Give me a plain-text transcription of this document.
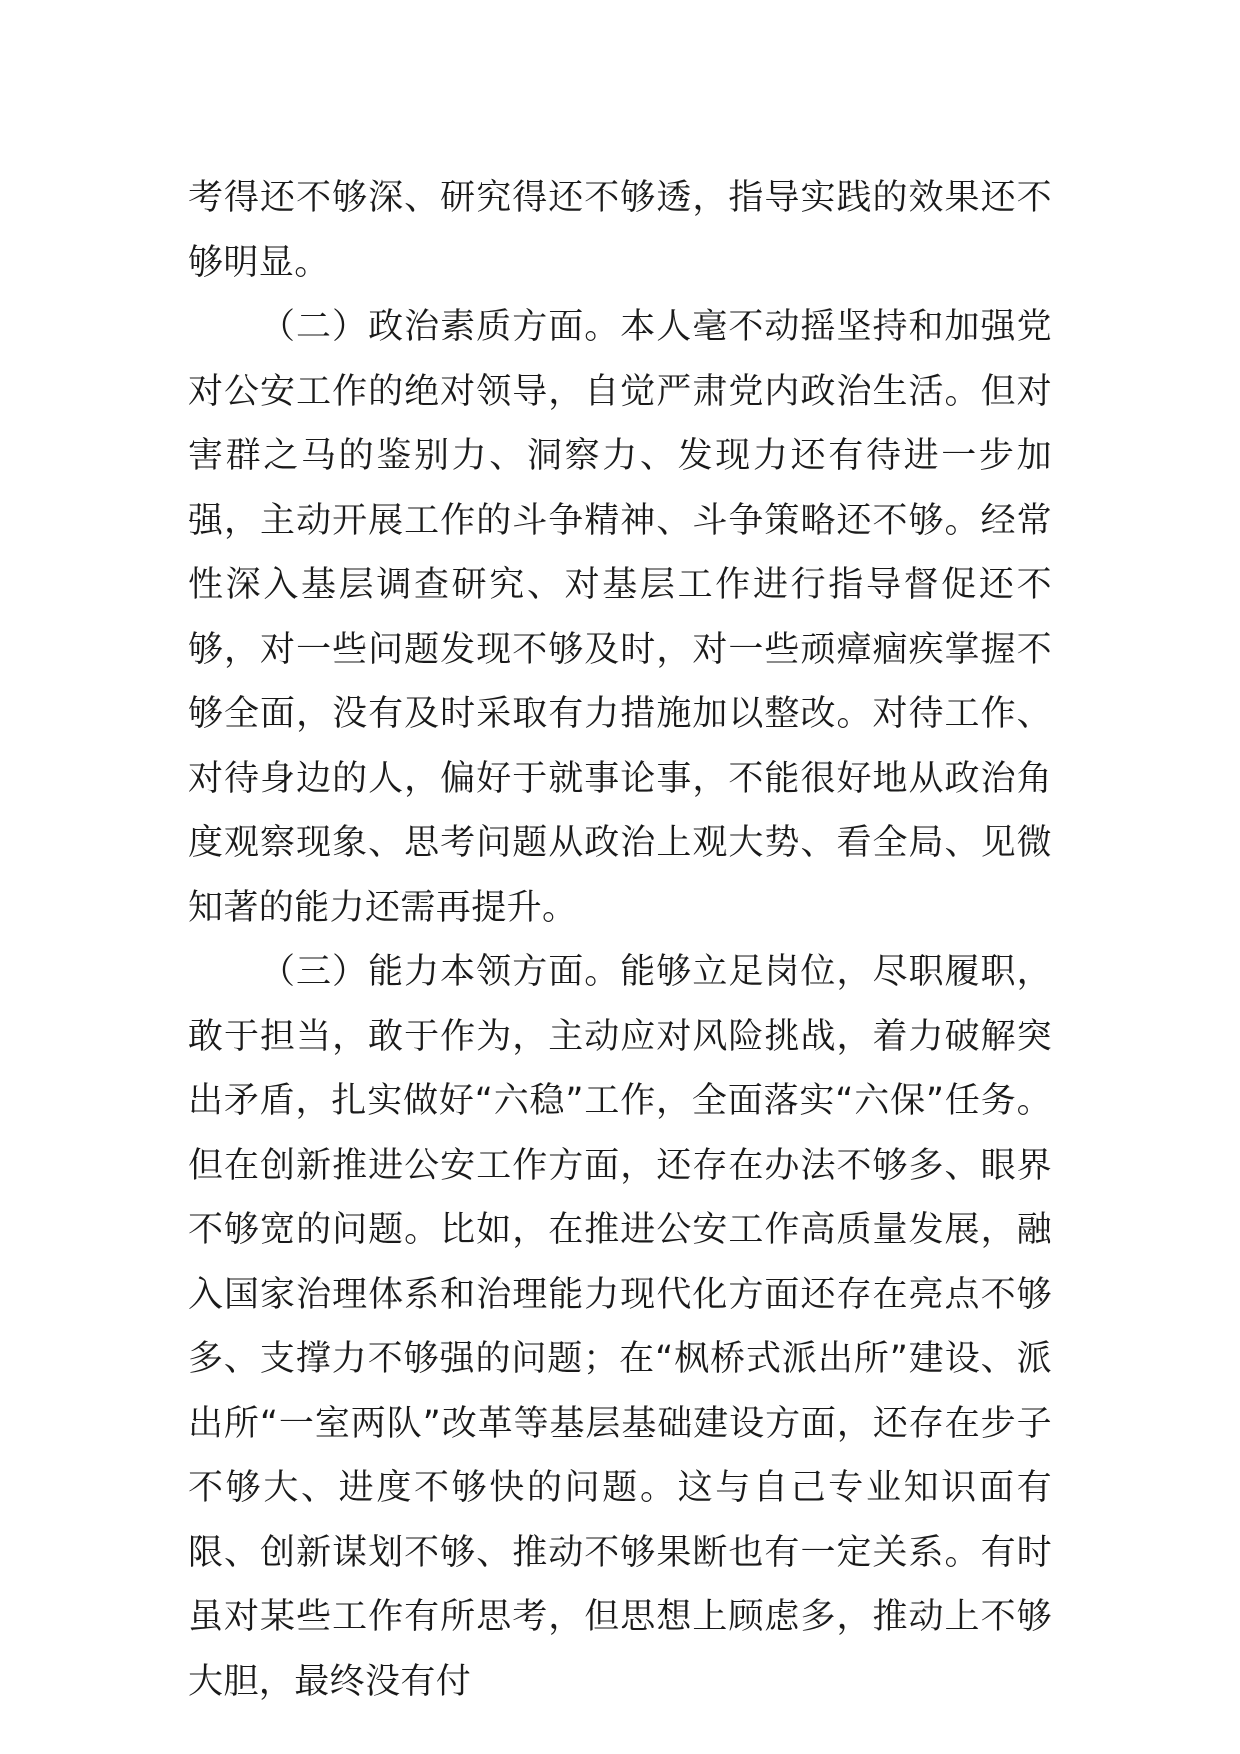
考得还不够深、研究得还不够透，指导实践的效果还不够明显。

（二）政治素质方面。本人毫不动摇坚持和加强党对公安工作的绝对领导，自觉严肃党内政治生活。但对害群之马的鉴别力、洞察力、发现力还有待进一步加强，主动开展工作的斗争精神、斗争策略还不够。经常性深入基层调查研究、对基层工作进行指导督促还不够，对一些问题发现不够及时，对一些顽瘴痼疾掌握不够全面，没有及时采取有力措施加以整改。对待工作、对待身边的人，偏好于就事论事，不能很好地从政治角度观察现象、思考问题从政治上观大势、看全局、见微知著的能力还需再提升。

（三）能力本领方面。能够立足岗位，尽职履职，敢于担当，敢于作为，主动应对风险挑战，着力破解突出矛盾，扎实做好“六稳”工作，全面落实“六保”任务。但在创新推进公安工作方面，还存在办法不够多、眼界不够宽的问题。比如，在推进公安工作高质量发展，融入国家治理体系和治理能力现代化方面还存在亮点不够多、支撑力不够强的问题；在“枫桥式派出所”建设、派出所“一室两队”改革等基层基础建设方面，还存在步子不够大、进度不够快的问题。这与自己专业知识面有限、创新谋划不够、推动不够果断也有一定关系。有时虽对某些工作有所思考，但思想上顾虑多，推动上不够大胆，最终没有付
